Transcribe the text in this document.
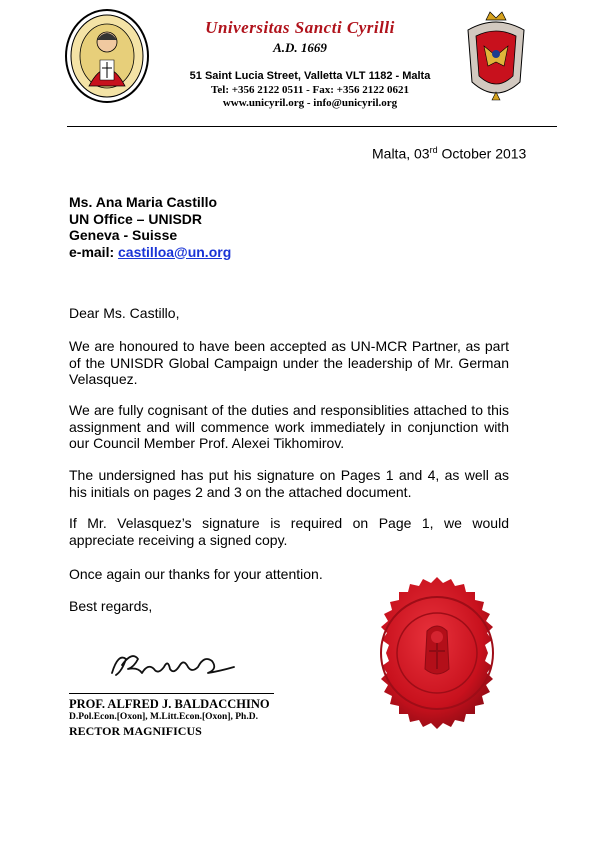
Universitas Sancti Cyrilli
A.D. 1669
51 Saint Lucia Street, Valletta VLT 1182 - Malta
Tel: +356 2122 0511 - Fax: +356 2122 0621
www.unicyril.org - info@unicyril.org
Malta, 03rd October 2013
Ms. Ana Maria Castillo
UN Office – UNISDR
Geneva - Suisse
e-mail: castilloa@un.org
Dear Ms. Castillo,
We are honoured to have been accepted as UN-MCR Partner, as part of the UNISDR Global Campaign under the leadership of Mr. German Velasquez.
We are fully cognisant of the duties and responsiblities attached to this assignment and will commence work immediately in conjunction with our Council Member Prof. Alexei Tikhomirov.
The undersigned has put his signature on Pages 1 and 4, as well as his initials on pages 2 and 3 on the attached document.
If Mr. Velasquez’s signature is required on Page 1, we would appreciate receiving a signed copy.
Once again our thanks for your attention.
Best regards,
PROF. ALFRED J. BALDACCHINO
D.Pol.Econ.[Oxon], M.Litt.Econ.[Oxon], Ph.D.
RECTOR MAGNIFICUS
